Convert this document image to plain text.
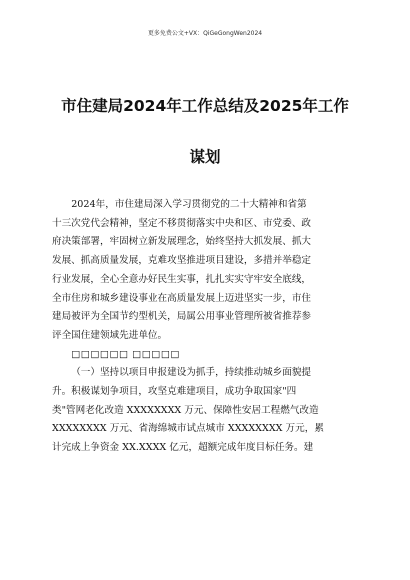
更多免费公文+VX：QiGeGongWen2024
市住建局2024年工作总结及2025年工作
谋划

2024年，市住建局深入学习贯彻党的二十大精神和省第
十三次党代会精神，坚定不移贯彻落实中央和区、市党委、政
府决策部署，牢固树立新发展理念，始终坚持大抓发展、抓大
发展、抓高质量发展，克难攻坚推进项目建设，多措并举稳定
行业发展，全心全意办好民生实事，扎扎实实守牢安全底线，
全市住房和城乡建设事业在高质量发展上迈进坚实一步，市住
建局被评为全国节约型机关，局属公用事业管理所被省推荐参
评全国住建领域先进单位。

□□□□□□ □□□□□

（一）坚持以项目申报建设为抓手，持续推动城乡面貌提
升。积极谋划争项目，攻坚克难建项目，成功争取国家"四
类"管网老化改造 XXXXXXXX 万元、保障性安居工程燃气改造
XXXXXXXX 万元、省海绵城市试点城市 XXXXXXXX 万元，累
计完成上争资金 XX.XXXX 亿元，超额完成年度目标任务。建
